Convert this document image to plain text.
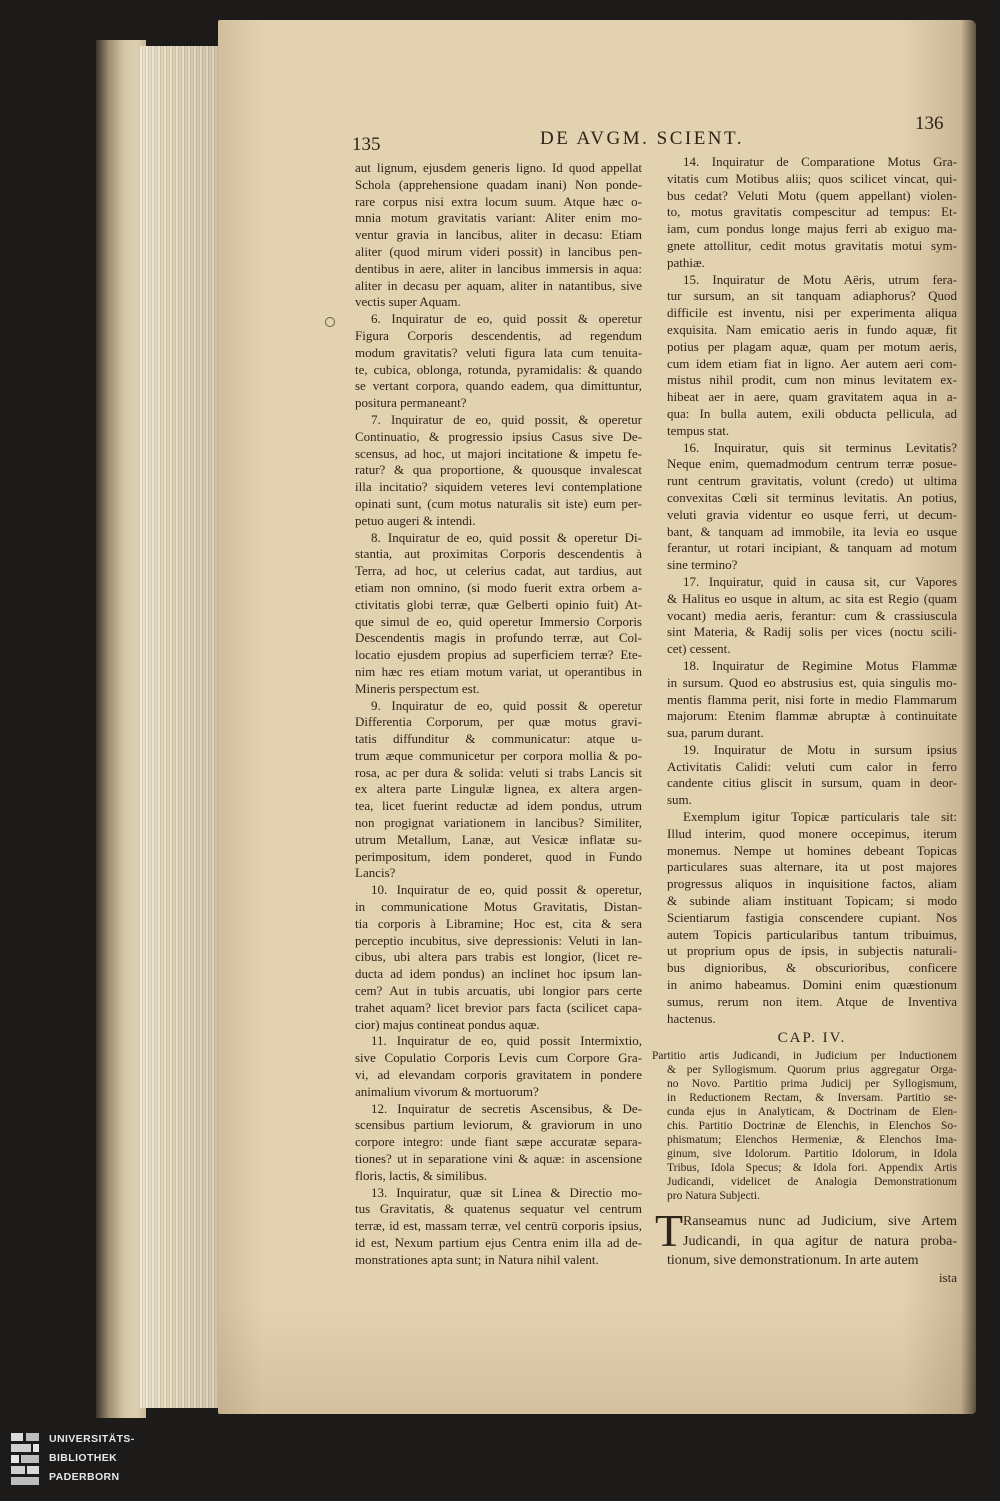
135	DE AVGM. SCIENT.
136
aut lignum, ejusdem generis ligno. Id quod appellat
Schola (apprehensione quadam inani) Non ponde-
rare corpus nisi extra locum suum. Atque hæc o-
mnia motum gravitatis variant: Aliter enim mo-
ventur gravia in lancibus, aliter in decasu: Etiam
aliter (quod mirum videri possit) in lancibus pen-
dentibus in aere, aliter in lancibus immersis in aqua:
aliter in decasu per aquam, aliter in natantibus, sive
vectis super Aquam.
6. Inquiratur de eo, quid possit & operetur
Figura Corporis descendentis, ad regendum
modum gravitatis? veluti figura lata cum tenuita-
te, cubica, oblonga, rotunda, pyramidalis: & quando
se vertant corpora, quando eadem, qua dimittuntur,
positura permaneant?
7. Inquiratur de eo, quid possit, & operetur
Continuatio, & progressio ipsius Casus sive De-
scensus, ad hoc, ut majori incitatione & impetu fe-
ratur? & qua proportione, & quousque invalescat
illa incitatio? siquidem veteres levi contemplatione
opinati sunt, (cum motus naturalis sit iste) eum per-
petuo augeri & intendi.
8. Inquiratur de eo, quid possit & operetur Di-
stantia, aut proximitas Corporis descendentis à
Terra, ad hoc, ut celerius cadat, aut tardius, aut
etiam non omnino, (si modo fuerit extra orbem a-
ctivitatis globi terræ, quæ Gelberti opinio fuit) At-
que simul de eo, quid operetur Immersio Corporis
Descendentis magis in profundo terræ, aut Col-
locatio ejusdem propius ad superficiem terræ? Ete-
nim hæc res etiam motum variat, ut operantibus in
Mineris perspectum est.
9. Inquiratur de eo, quid possit & operetur
Differentia Corporum, per quæ motus gravi-
tatis diffunditur & communicatur: atque u-
trum æque communicetur per corpora mollia & po-
rosa, ac per dura & solida: veluti si trabs Lancis sit
ex altera parte Lingulæ lignea, ex altera argen-
tea, licet fuerint reductæ ad idem pondus, utrum
non progignat variationem in lancibus? Similiter,
utrum Metallum, Lanæ, aut Vesicæ inflatæ su-
perimpositum, idem ponderet, quod in Fundo
Lancis?
10. Inquiratur de eo, quid possit & operetur,
in communicatione Motus Gravitatis, Distan-
tia corporis à Libramine; Hoc est, cita & sera
perceptio incubitus, sive depressionis: Veluti in lan-
cibus, ubi altera pars trabis est longior, (licet re-
ducta ad idem pondus) an inclinet hoc ipsum lan-
cem? Aut in tubis arcuatis, ubi longior pars certe
trahet aquam? licet brevior pars facta (scilicet capa-
cior) majus contineat pondus aquæ.
11. Inquiratur de eo, quid possit Intermixtio,
sive Copulatio Corporis Levis cum Corpore Gra-
vi, ad elevandam corporis gravitatem in pondere
animalium vivorum & mortuorum?
12. Inquiratur de secretis Ascensibus, & De-
scensibus partium leviorum, & graviorum in uno
corpore integro: unde fiant sæpe accuratæ separa-
tiones? ut in separatione vini & aquæ: in ascensione
floris, lactis, & similibus.
13. Inquiratur, quæ sit Linea & Directio mo-
tus Gravitatis, & quatenus sequatur vel centrum
terræ, id est, massam terræ, vel centrū corporis ipsius,
id est, Nexum partium ejus Centra enim illa ad de-
monstrationes apta sunt; in Natura nihil valent.
14. Inquiratur de Comparatione Motus Gra-
vitatis cum Motibus aliis; quos scilicet vincat, qui-
bus cedat? Veluti Motu (quem appellant) violen-
to, motus gravitatis compescitur ad tempus: Et-
iam, cum pondus longe majus ferri ab exiguo ma-
gnete attollitur, cedit motus gravitatis motui sym-
pathiæ.
15. Inquiratur de Motu Aëris, utrum fera-
tur sursum, an sit tanquam adiaphorus? Quod
difficile est inventu, nisi per experimenta aliqua
exquisita. Nam emicatio aeris in fundo aquæ, fit
potius per plagam aquæ, quam per motum aeris,
cum idem etiam fiat in ligno. Aer autem aeri com-
mistus nihil prodit, cum non minus levitatem ex-
hibeat aer in aere, quam gravitatem aqua in a-
qua: In bulla autem, exili obducta pellicula, ad
tempus stat.
16. Inquiratur, quis sit terminus Levitatis?
Neque enim, quemadmodum centrum terræ posue-
runt centrum gravitatis, volunt (credo) ut ultima
convexitas Cœli sit terminus levitatis. An potius,
veluti gravia videntur eo usque ferri, ut decum-
bant, & tanquam ad immobile, ita levia eo usque
ferantur, ut rotari incipiant, & tanquam ad motum
sine termino?
17. Inquiratur, quid in causa sit, cur Vapores
& Halitus eo usque in altum, ac sita est Regio (quam
vocant) media aeris, ferantur: cum & crassiuscula
sint Materia, & Radij solis per vices (noctu scili-
cet) cessent.
18. Inquiratur de Regimine Motus Flammæ
in sursum. Quod eo abstrusius est, quia singulis mo-
mentis flamma perit, nisi forte in medio Flammarum
majorum: Etenim flammæ abruptæ à continuitate
sua, parum durant.
19. Inquiratur de Motu in sursum ipsius
Activitatis Calidi: veluti cum calor in ferro
candente citius gliscit in sursum, quam in deor-
sum.
Exemplum igitur Topicæ particularis tale sit:
Illud interim, quod monere occepimus, iterum
monemus. Nempe ut homines debeant Topicas
particulares suas alternare, ita ut post majores
progressus aliquos in inquisitione factos, aliam
& subinde aliam instituant Topicam; si modo
Scientiarum fastigia conscendere cupiant. Nos
autem Topicis particularibus tantum tribuimus,
ut proprium opus de ipsis, in subjectis naturali-
bus dignioribus, & obscurioribus, conficere
in animo habeamus. Domini enim quæstionum
sumus, rerum non item. Atque de Inventiva
hactenus.
CAP. IV.
Partitio artis Judicandi, in Judicium per Inductionem
& per Syllogismum. Quorum prius aggregatur Orga-
no Novo. Partitio prima Judicij per Syllogismum,
in Reductionem Rectam, & Inversam. Partitio se-
cunda ejus in Analyticam, & Doctrinam de Elen-
chis. Partitio Doctrinæ de Elenchis, in Elenchos So-
phismatum; Elenchos Hermeniæ, & Elenchos Ima-
ginum, sive Idolorum. Partitio Idolorum, in Idola
Tribus, Idola Specus; & Idola fori. Appendix Artis
Judicandi, videlicet de Analogia Demonstrationum
pro Natura Subjecti.
T Ranseamus nunc ad Judicium, sive Artem
Judicandi, in qua agitur de natura proba-
tionum, sive demonstrationum. In arte autem
ista
UNIVERSITÄTS-
BIBLIOTHEK
PADERBORN
